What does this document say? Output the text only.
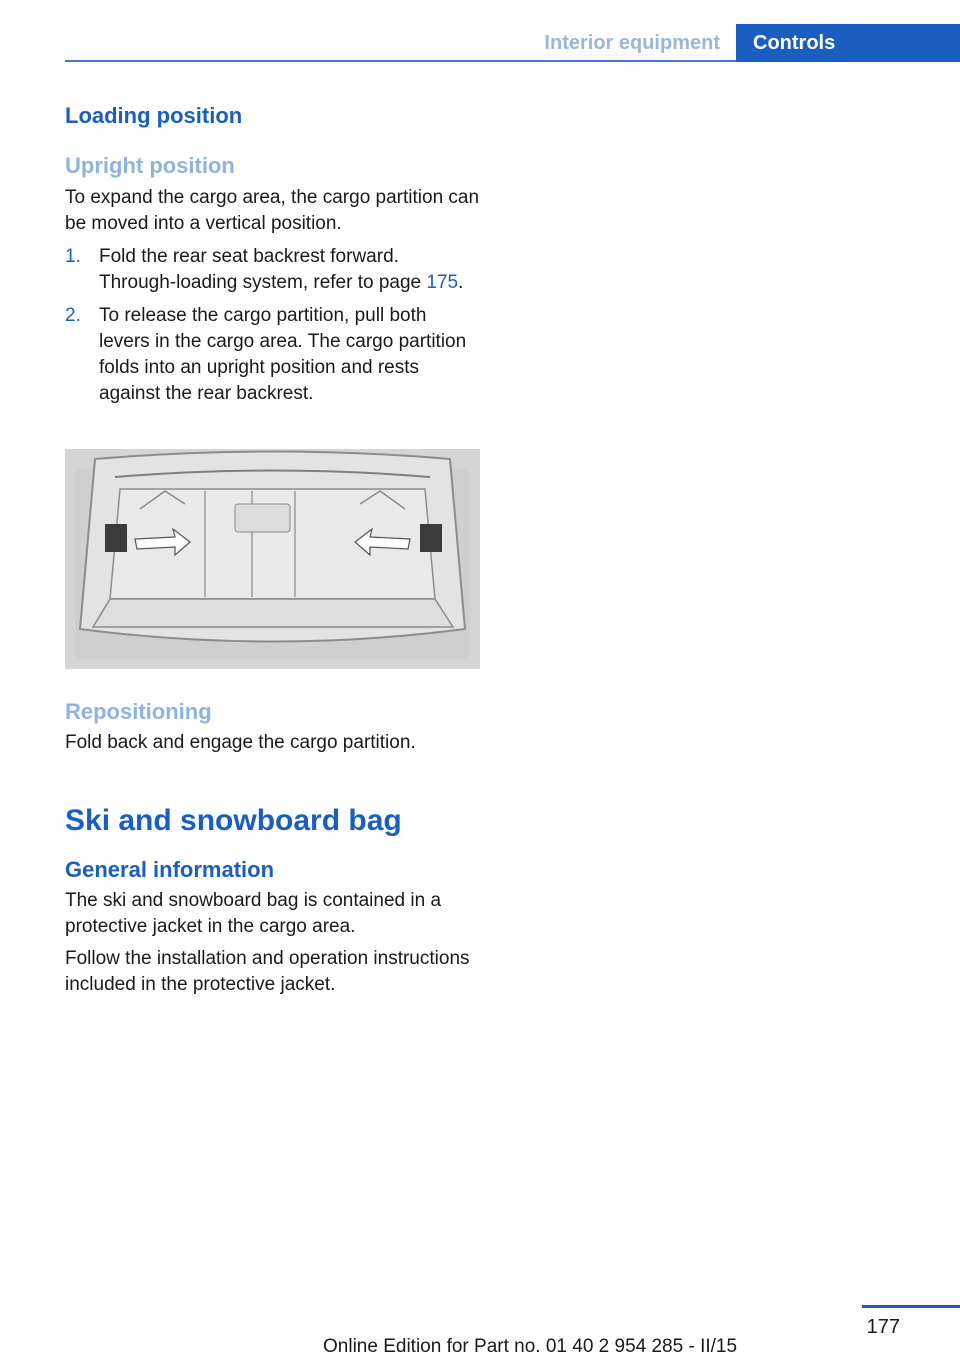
Interior equipment	Controls
Loading position
Upright position

To expand the cargo area, the cargo partition can be moved into a vertical position.

1. Fold the rear seat backrest forward. Through-loading system, refer to page 175.
2. To release the cargo partition, pull both levers in the cargo area. The cargo partition folds into an upright position and rests against the rear backrest.
Repositioning

Fold back and engage the cargo partition.

Ski and snowboard bag
General information

The ski and snowboard bag is contained in a protective jacket in the cargo area.

Follow the installation and operation instructions included in the protective jacket.

177
Online Edition for Part no. 01 40 2 954 285 - II/15
